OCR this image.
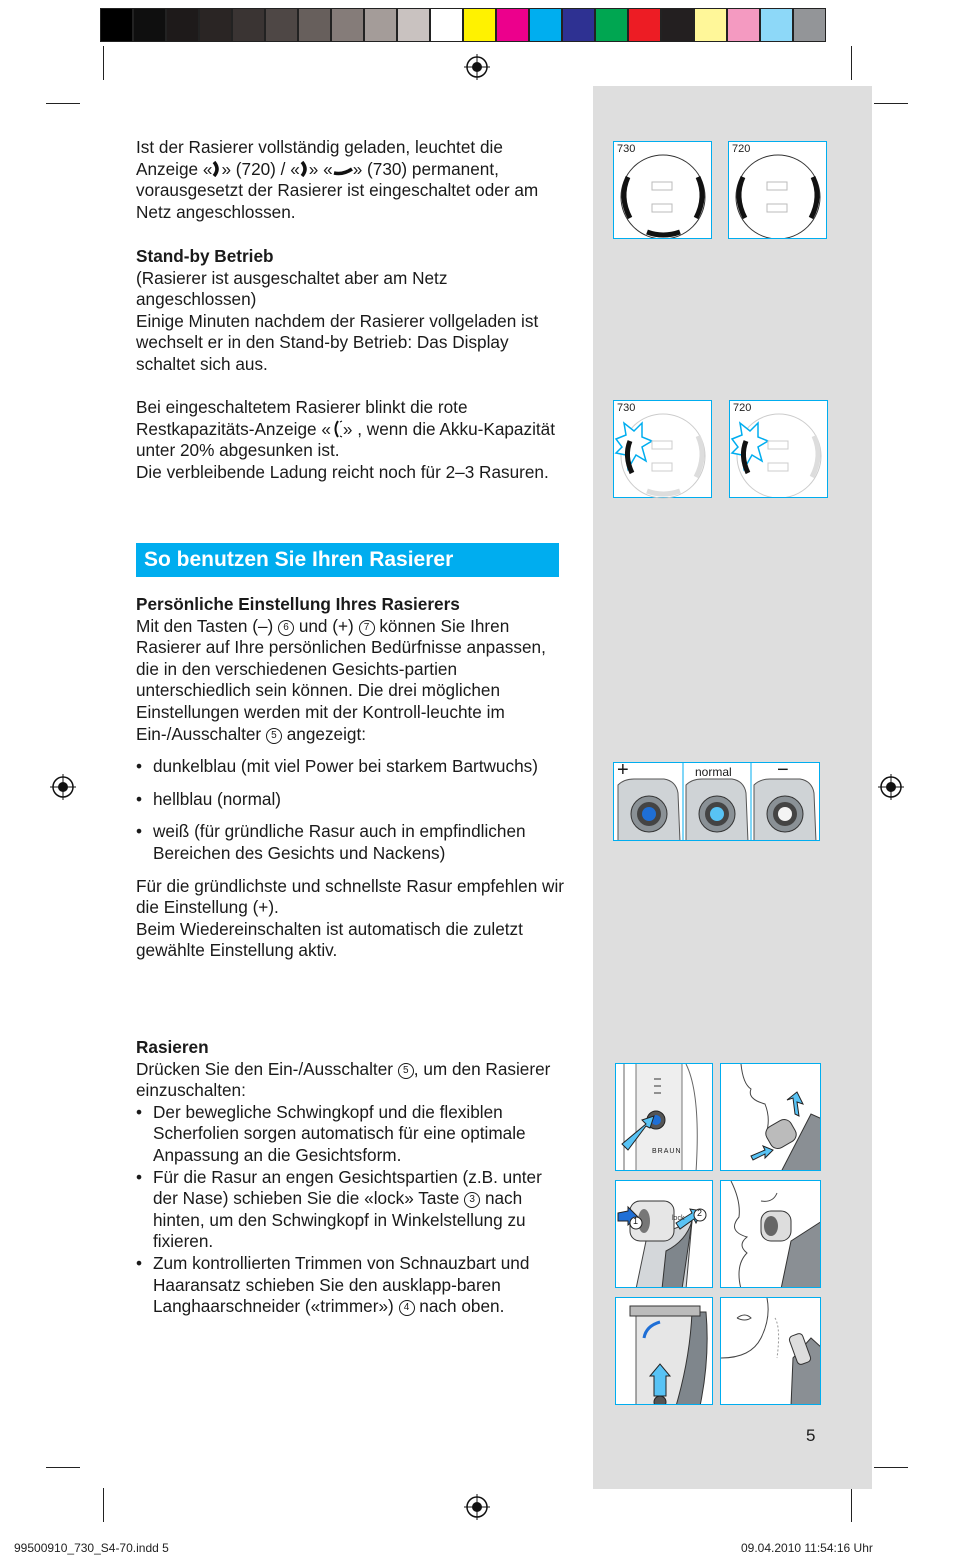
Ist der Rasierer vollständig geladen, leuchtet die Anzeige « » (720) / « » « » (730) permanent, vorausgesetzt der Rasierer ist eingeschaltet oder am Netz angeschlossen.

Stand-by Betrieb

(Rasierer ist ausgeschaltet aber am Netz angeschlossen)

Einige Minuten nachdem der Rasierer vollgeladen ist wechselt er in den Stand-by Betrieb: Das Display schaltet sich aus.

Bei eingeschaltetem Rasierer blinkt die rote Restkapazitäts-Anzeige « » , wenn die Akku-Kapazität unter 20% abgesunken ist.

Die verbleibende Ladung reicht noch für 2–3 Rasuren.

So benutzen Sie Ihren Rasierer

Persönliche Einstellung Ihres Rasierers

Mit den Tasten (–) 6 und (+) 7 können Sie Ihren Rasierer auf Ihre persönlichen Bedürfnisse anpassen, die in den verschiedenen Gesichts-partien unterschiedlich sein können. Die drei möglichen Einstellungen werden mit der Kontroll-leuchte im Ein-/Ausschalter 5 angezeigt:

• dunkelblau (mit viel Power bei starkem Bartwuchs)

• hellblau (normal)

• weiß (für gründliche Rasur auch in empfindlichen Bereichen des Gesichts und Nackens)

Für die gründlichste und schnellste Rasur empfehlen wir die Einstellung (+).

Beim Wiedereinschalten ist automatisch die zuletzt gewählte Einstellung aktiv.

Rasieren

Drücken Sie den Ein-/Ausschalter 5 , um den Rasierer einzuschalten:

• Der bewegliche Schwingkopf und die flexiblen Scherfolien sorgen automatisch für eine optimale Anpassung an die Gesichtsform.

• Für die Rasur an engen Gesichtspartien (z.B. unter der Nase) schieben Sie die «lock» Taste 3 nach hinten, um den Schwingkopf in Winkelstellung zu fixieren.

• Zum kontrollierten Trimmen von Schnauzbart und Haaransatz schieben Sie den ausklapp-baren Langhaarschneider («trimmer») 4 nach oben.

730	720
730	720
+	normal −
BRAUN
1
2
lock
5
99500910_730_S4-70.indd 5	09.04.2010 11:54:16 Uhr
